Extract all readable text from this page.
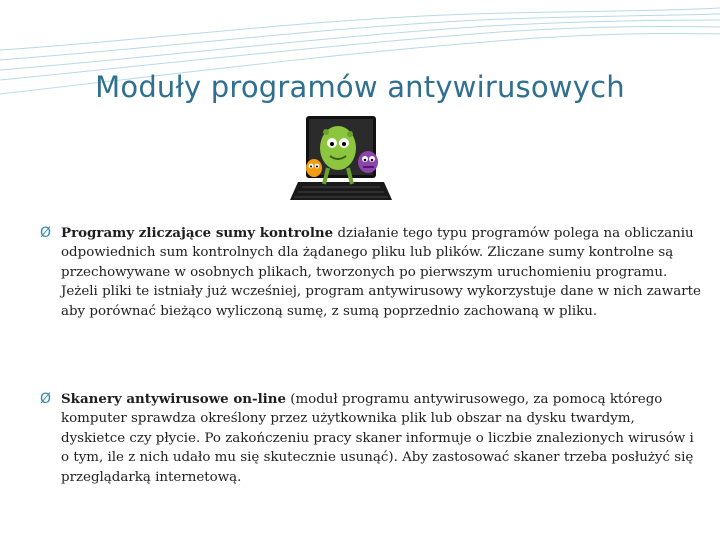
Moduły programów antywirusowych
Ø Programy zliczające sumy kontrolne działanie tego typu programów polega na obliczaniu odpowiednich sum kontrolnych dla żądanego pliku lub plików. Zliczane sumy kontrolne są przechowywane w osobnych plikach, tworzonych po pierwszym uruchomieniu programu. Jeżeli pliki te istniały już wcześniej, program antywirusowy wykorzystuje dane w nich zawarte aby porównać bieżąco wyliczoną sumę, z sumą poprzednio zachowaną w pliku.
Ø Skanery antywirusowe on-line (moduł programu antywirusowego, za pomocą którego komputer sprawdza określony przez użytkownika plik lub obszar na dysku twardym, dyskietce czy płycie. Po zakończeniu pracy skaner informuje o liczbie znalezionych wirusów i o tym, ile z nich udało mu się skutecznie usunąć). Aby zastosować skaner trzeba posłużyć się przeglądarką internetową.
